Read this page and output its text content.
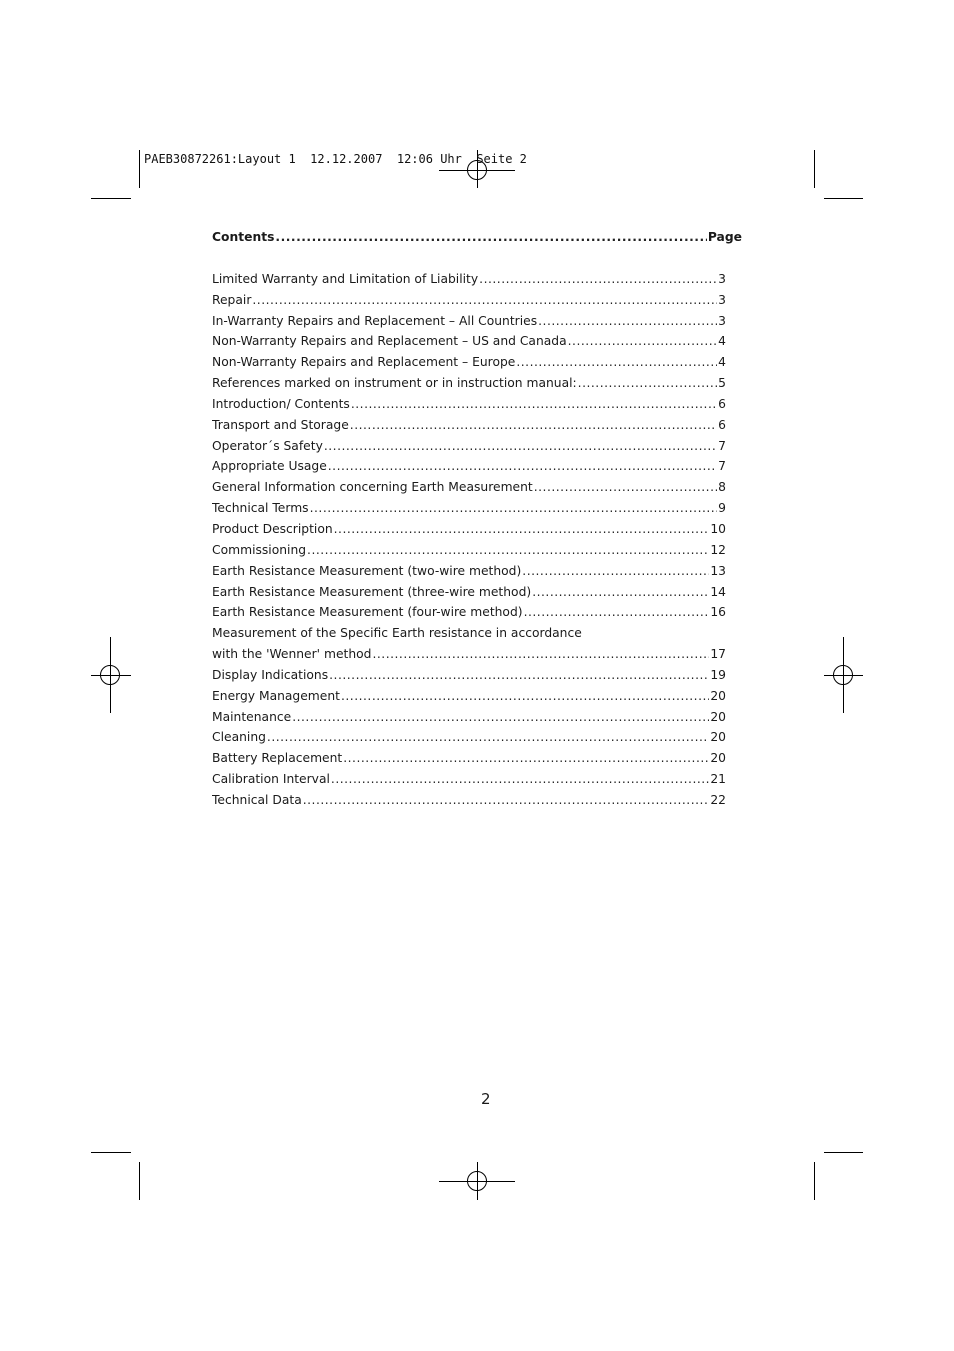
PAEB30872261:Layout 1  12.12.2007  12:06 Uhr  Seite 2
Contents .....	Page
Limited Warranty and Limitation of Liability .....	3
Repair .....	3
In-Warranty Repairs and Replacement – All Countries .....	3
Non-Warranty Repairs and Replacement – US and Canada .....	4
Non-Warranty Repairs and Replacement – Europe .....	4
References marked on instrument or in instruction manual: .....	5
Introduction/ Contents .....	6
Transport and Storage .....	6
Operator´s Safety .....	7
Appropriate Usage .....	7
General Information concerning Earth Measurement .....	8
Technical Terms .....	9
Product Description .....	10
Commissioning .....	12
Earth Resistance Measurement (two-wire method) .....	13
Earth Resistance Measurement (three-wire method) .....	14
Earth Resistance Measurement (four-wire method) .....	16
Measurement of the Specific Earth resistance in accordance
with the 'Wenner' method .....	17
Display Indications .....	19
Energy Management .....	20
Maintenance .....	20
Cleaning .....	20
Battery Replacement .....	20
Calibration Interval .....	21
Technical Data .....	22
2
